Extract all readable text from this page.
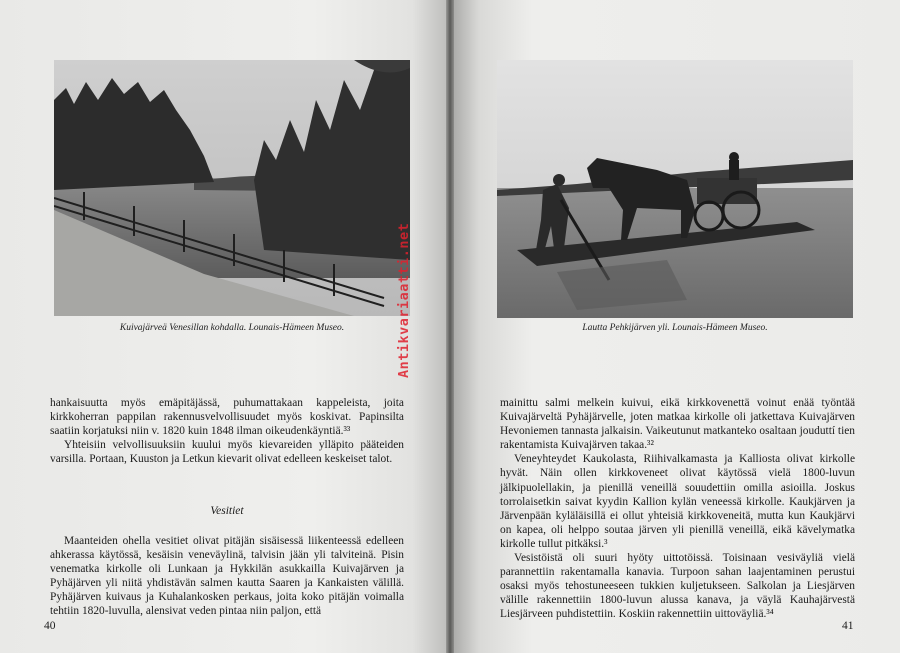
Kuivajärveä Venesillan kohdalla. Lounais-Hämeen Museo.

hankaisuutta myös emäpitäjässä, puhumattakaan kappeleista, joita kirkkoherran pappilan rakennusvelvollisuudet myös koskivat. Papinsilta saatiin korjatuksi niin v. 1820 kuin 1848 ilman oikeudenkäyntiä.³³

Yhteisiin velvollisuuksiin kuului myös kievareiden ylläpito pääteiden varsilla. Portaan, Kuuston ja Letkun kievarit olivat edelleen keskeiset talot.

Vesitiet

Maanteiden ohella vesitiet olivat pitäjän sisäisessä liikenteessä edelleen ahkerassa käytössä, kesäisin veneväylinä, talvisin jään yli talviteinä. Pisin venematka kirkolle oli Lunkaan ja Hykkilän asukkailla Kuivajärven ja Pyhäjärven yli niitä yhdistävän salmen kautta Saaren ja Kankaisten välillä. Pyhäjärven kuivaus ja Kuhalankosken perkaus, joita koko pitäjän voimalla tehtiin 1820-luvulla, alensivat veden pintaa niin paljon, että

40
Lautta Pehkijärven yli. Lounais-Hämeen Museo.

mainittu salmi melkein kuivui, eikä kirkkovenettä voinut enää työntää Kuivajärveltä Pyhäjärvelle, joten matkaa kirkolle oli jatkettava Kuivajärven Hevoniemen tannasta jalkaisin. Vaikeutunut matkanteko osaltaan jouduttí tien rakentamista Kuivajärven takaa.³²

Veneyhteydet Kaukolasta, Riihivalkamasta ja Kalliosta olivat kirkolle hyvät. Näin ollen kirkkoveneet olivat käytössä vielä 1800-luvun jälkipuolellakin, ja pienillä veneillä souudettiin omilla asioilla. Joskus torrolaisetkin saivat kyydin Kallion kylän veneessä kirkolle. Kaukjärven ja Järvenpään kyläläisillä ei ollut yhteisiä kirkkoveneitä, mutta kun Kaukjärvi on kapea, oli helppo soutaa järven yli pienillä veneillä, eikä kävelymatka kirkolle tullut pitkäksi.³

Vesistöistä oli suuri hyöty uittotöissä. Toisinaan vesiväyliä vielä parannettiin rakentamalla kanavia. Turpoon sahan laajentaminen perustui osaksi myös tehostuneeseen tukkien kuljetukseen. Salkolan ja Liesjärven välille rakennettiin 1800-luvun alussa kanava, ja väylä Kauhajärvestä Liesjärveen puhdistettiin. Koskiin rakennettiin uittoväyliä.³⁴

41
Antikvariaatti.net
